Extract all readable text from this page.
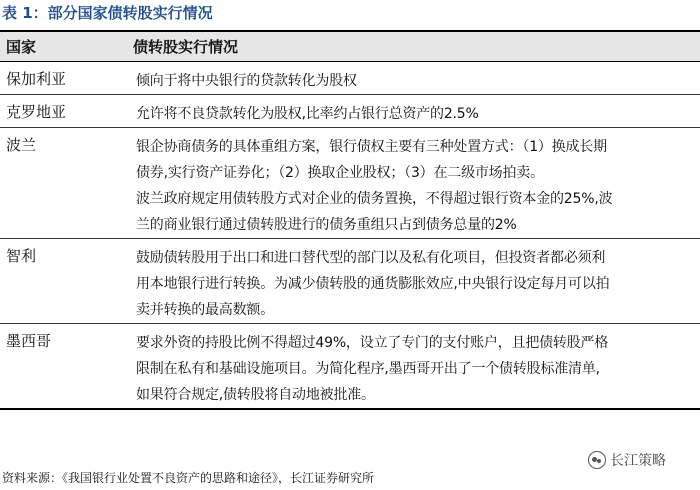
表 1：部分国家债转股实行情况
国家	债转股实行情况
保加利亚	倾向于将中央银行的贷款转化为股权
克罗地亚	允许将不良贷款转化为股权,比率约占银行总资产的2.5%
波兰	银企协商债务的具体重组方案，银行债权主要有三种处置方式：（1）换成长期
债券,实行资产证券化；（2）换取企业股权；（3）在二级市场拍卖。
波兰政府规定用债转股方式对企业的债务置换，不得超过银行资本金的25%,波
兰的商业银行通过债转股进行的债务重组只占到债务总量的2%
智利	鼓励债转股用于出口和进口替代型的部门以及私有化项目，但投资者都必须利
用本地银行进行转换。为减少债转股的通货膨胀效应,中央银行设定每月可以拍
卖并转换的最高数额。
墨西哥	要求外资的持股比例不得超过49%，设立了专门的支付账户，且把债转股严格
限制在私有和基础设施项目。为简化程序,墨西哥开出了一个债转股标准清单,
如果符合规定,债转股将自动地被批准。
长江策略
资料来源：《我国银行业处置不良资产的思路和途径》，长江证券研究所
